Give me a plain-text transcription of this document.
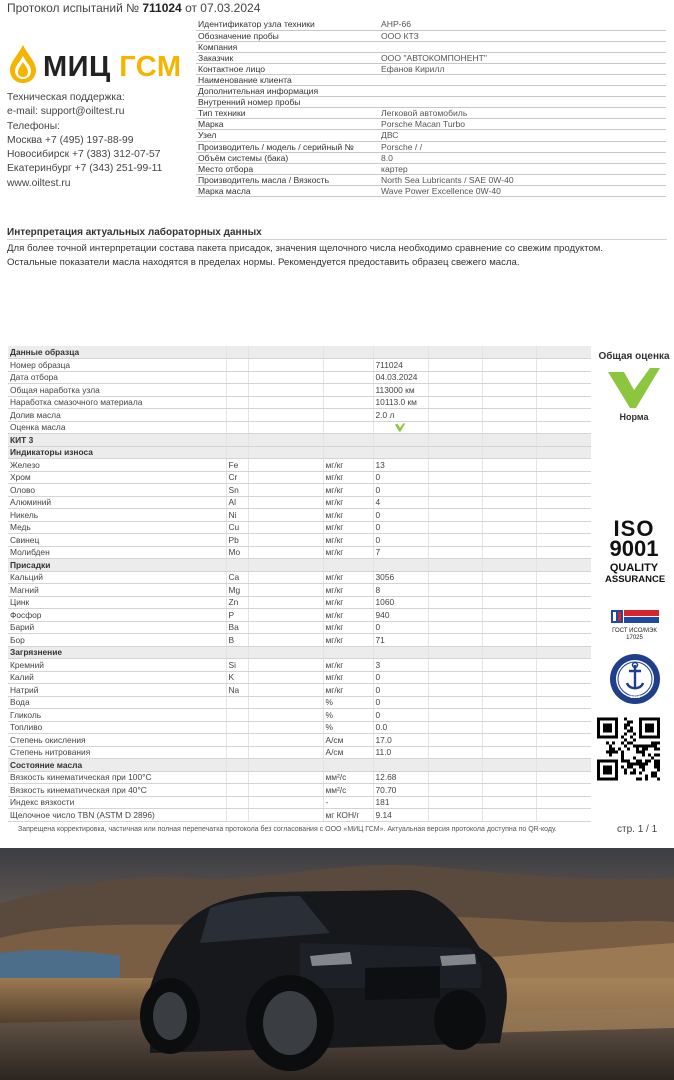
Протокол испытаний № 711024 от 07.03.2024
МИЦ ГСМ
Техническая поддержка:
e-mail: support@oiltest.ru
Телефоны:
Москва +7 (495) 197-88-99
Новосибирск +7 (383) 312-07-57
Екатеринбург +7 (343) 251-99-11
www.oiltest.ru
Идентификатор узла техники	АНР-66
Обозначение пробы	ООО КТЗ
Компания	
Заказчик	ООО "АВТОКОМПОНЕНТ"
Контактное лицо	Ефанов Кирилл
Наименование клиента	
Дополнительная информация	
Внутренний номер пробы	
Тип техники	Легковой автомобиль
Марка	Porsche Macan Turbo
Узел	ДВС
Производитель / модель / серийный №	Porsche / /
Объём системы (бака)	8.0
Место отбора	картер
Производитель масла / Вязкость	North Sea Lubricants / SAE 0W-40
Марка масла	Wave Power Excellence 0W-40
Интерпретация актуальных лабораторных данных
Для более точной интерпретации состава пакета присадок, значения щелочного числа необходимо сравнение со свежим продуктом.
Остальные показатели масла находятся в пределах нормы. Рекомендуется предоставить образец свежего масла.
Данные образца							
Номер образца				711024			
Дата отбора				04.03.2024			
Общая наработка узла				113000 км			
Наработка смазочного материала				10113.0 км			
Долив масла				2.0 л			
Оценка масла							
КИТ 3							
Индикаторы износа							
Железо	Fe		мг/кг	13			
Хром	Cr		мг/кг	0			
Олово	Sn		мг/кг	0			
Алюминий	Al		мг/кг	4			
Никель	Ni		мг/кг	0			
Медь	Cu		мг/кг	0			
Свинец	Pb		мг/кг	0			
Молибден	Mo		мг/кг	7			
Присадки							
Кальций	Ca		мг/кг	3056			
Магний	Mg		мг/кг	8			
Цинк	Zn		мг/кг	1060			
Фосфор	P		мг/кг	940			
Барий	Ba		мг/кг	0			
Бор	B		мг/кг	71			
Загрязнение							
Кремний	Si		мг/кг	3			
Калий	K		мг/кг	0			
Натрий	Na		мг/кг	0			
Вода			%	0			
Гликоль			%	0			
Топливо			%	0.0			
Степень окисления			А/см	17.0			
Степень нитрования			А/см	11.0			
Состояние масла							
Вязкость кинематическая при 100°C			мм²/с	12.68			
Вязкость кинематическая при 40°C			мм²/с	70.70			
Индекс вязкости			-	181			
Щелочное число TBN (ASTM D 2896)			мг КОН/г	9.14			
Общая оценка
Норма
ISO
9001
QUALITY
ASSURANCE
ГОСТ ИСО/МЭК
17025
1913
Запрещена корректировка, частичная или полная перепечатка протокола без согласования с ООО «МИЦ ГСМ». Актуальная версия протокола доступна по QR-коду.	стр. 1 / 1
